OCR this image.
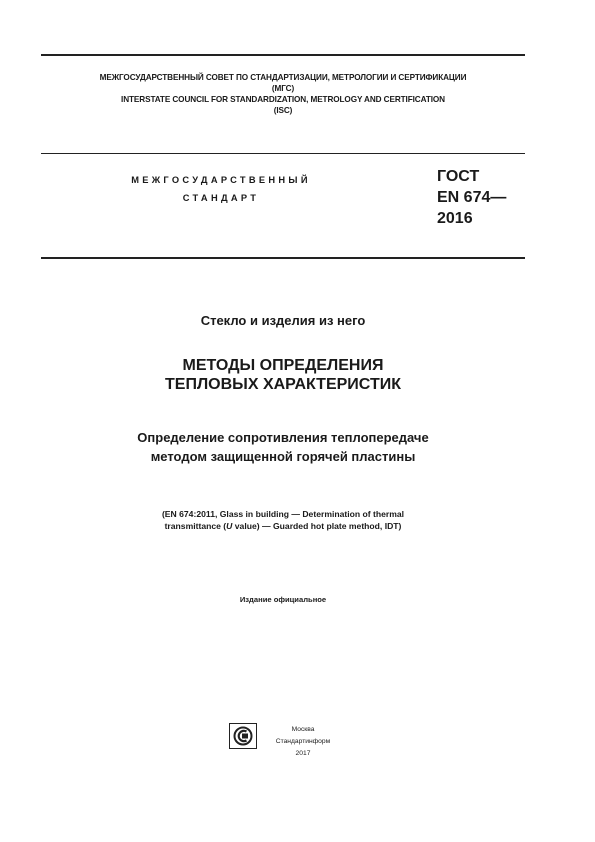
МЕЖГОСУДАРСТВЕННЫЙ СОВЕТ ПО СТАНДАРТИЗАЦИИ, МЕТРОЛОГИИ И СЕРТИФИКАЦИИ
(МГС)
INTERSTATE COUNCIL FOR STANDARDIZATION, METROLOGY AND CERTIFICATION
(ISC)
МЕЖГОСУДАРСТВЕННЫЙ
СТАНДАРТ
ГОСТ
EN 674—
2016
Стекло и изделия из него
МЕТОДЫ ОПРЕДЕЛЕНИЯ
ТЕПЛОВЫХ ХАРАКТЕРИСТИК
Определение сопротивления теплопередаче
методом защищенной горячей пластины
(EN 674:2011, Glass in building — Determination of thermal
transmittance (U value) — Guarded hot plate method, IDT)
Издание официальное
Москва
Стандартинформ
2017
